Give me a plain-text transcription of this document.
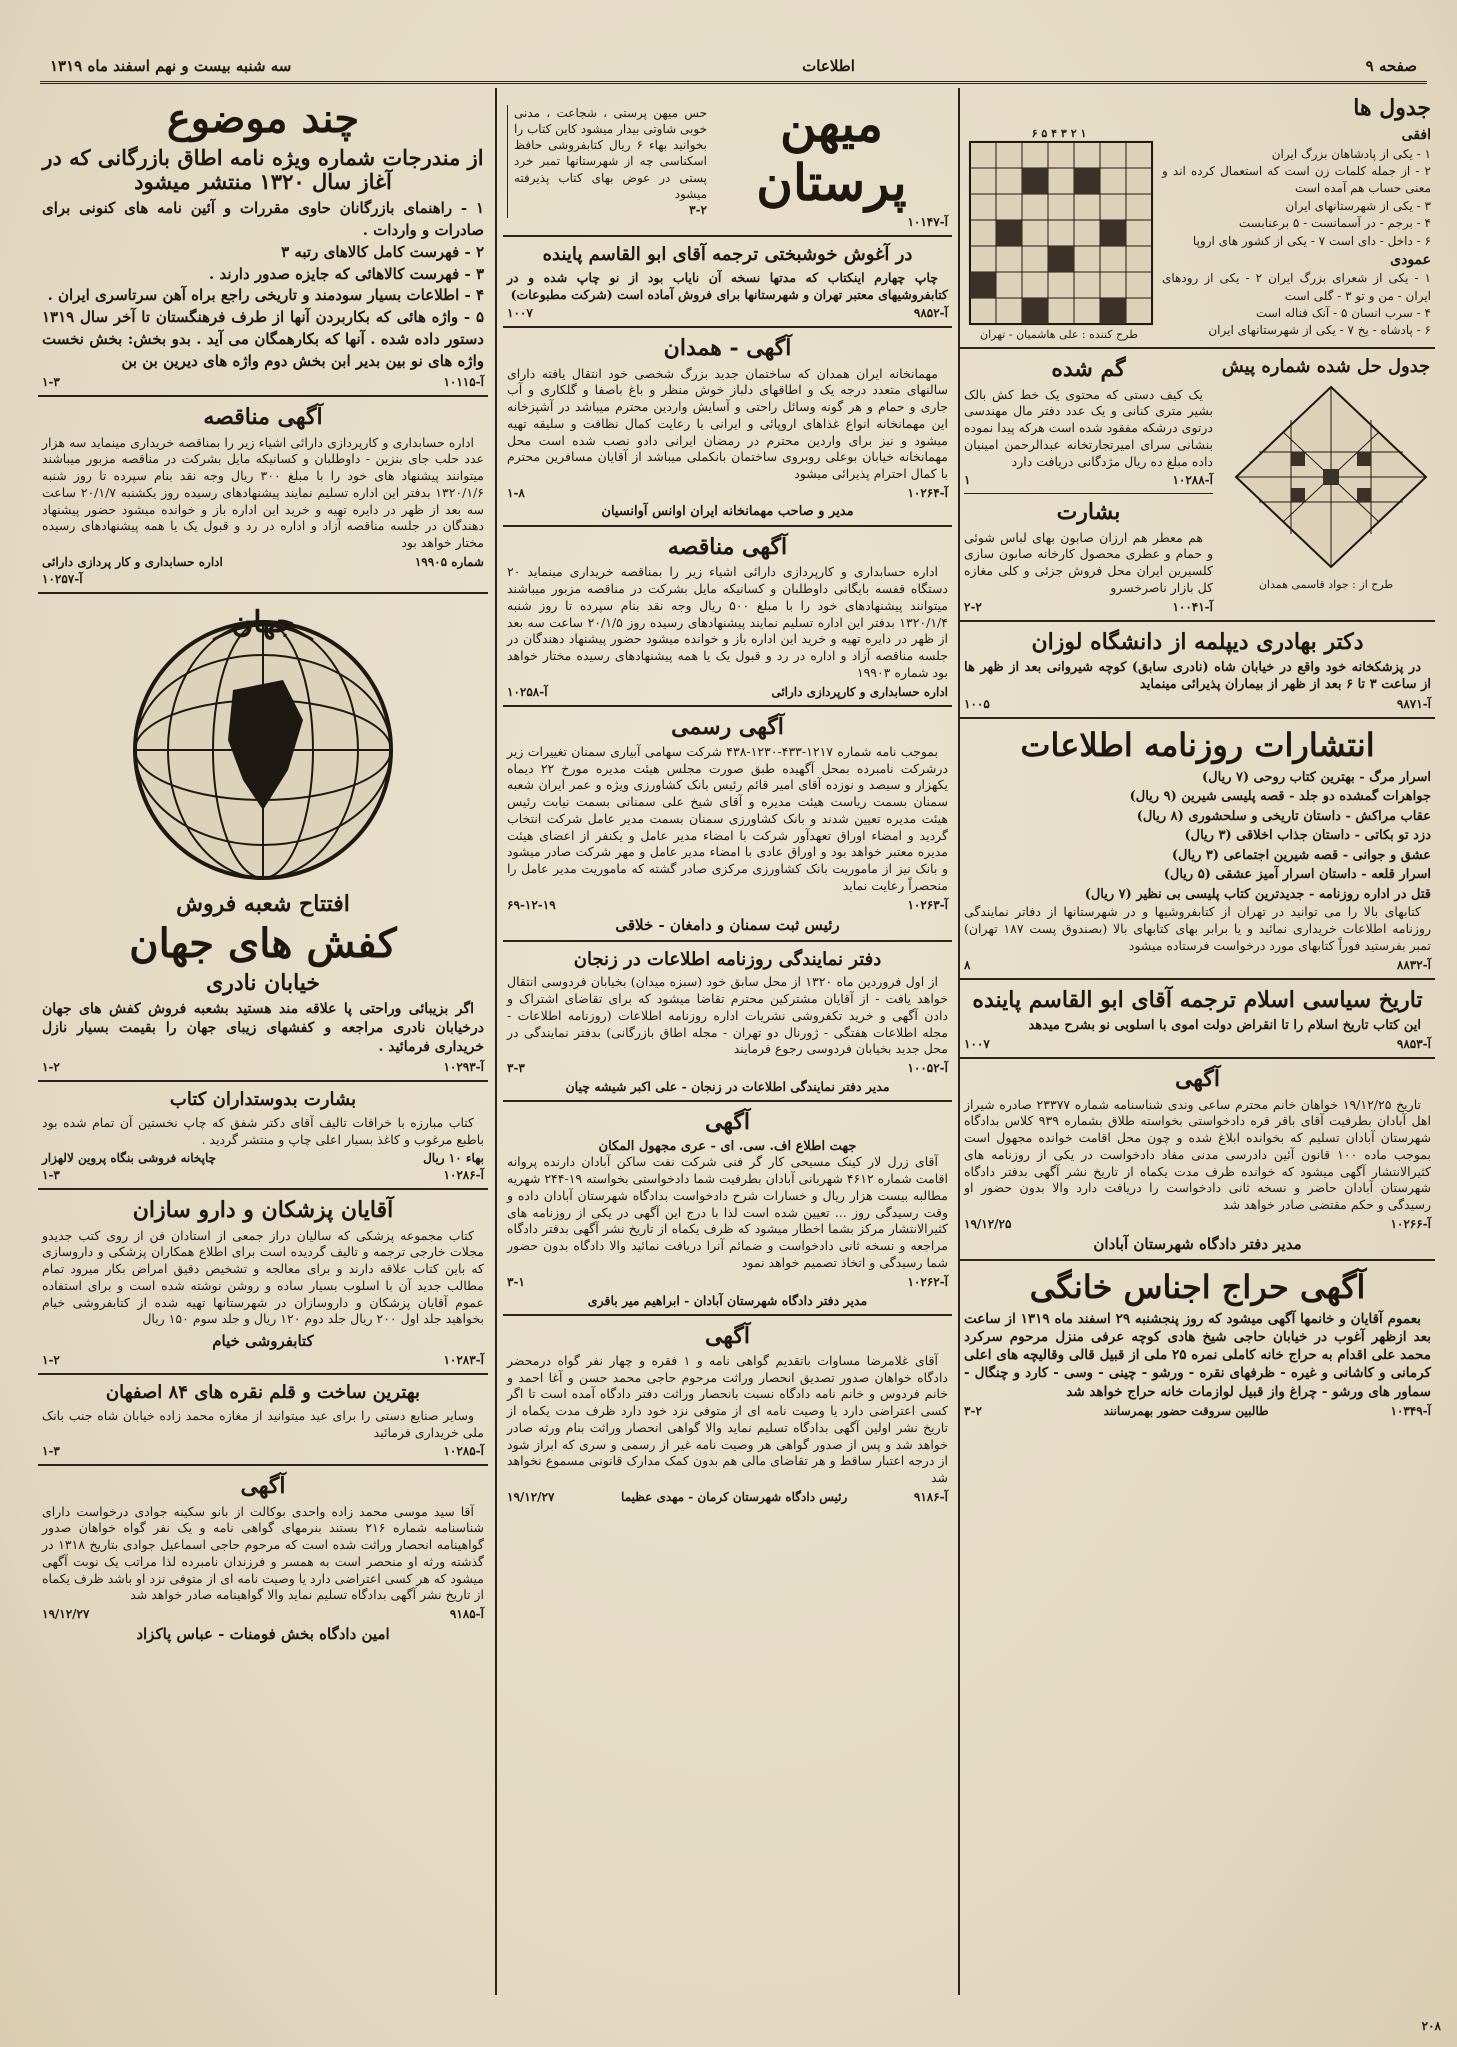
صفحه ۹
اطلاعات
سه شنبه بیست و نهم اسفند ماه ۱۳۱۹
جدول ها
افقی
۱ - یکی از پادشاهان بزرگ ایران
۲ - از جمله کلمات زن است که استعمال کرده اند و معنی حساب هم آمده است
۳ - یکی از شهرستانهای ایران
۴ - برجم - در آسمانست - ۵ برعنابست
۶ - داخل - دای است ۷ - یکی از کشور های اروپا
عمودی
۱ - یکی از شعرای بزرگ ایران ۲ - یکی از رودهای ایران - من و تو ۳ - گلی است
۴ - سرب انسان ۵ - آنک فناله است
۶ - پادشاه - یخ ۷ - یکی از شهرستانهای ایران
۱ ۲ ۳ ۴ ۵ ۶
طرح کننده : علی هاشمیان - تهران
جدول حل شده شماره پیش
طرح از : جواد قاسمی همدان
گم شده
یک کیف دستی که محتوی یک خط کش بالک بشیر متری کنانی و یک عدد دفتر مال مهندسی درتوی درشکه مفقود شده است هرکه پیدا نموده بنشانی سرای امیرتجارتخانه عبدالرحمن امینیان داده مبلغ ده ریال مژدگانی دریافت دارد
آ-۱۰۲۸۸
۱
بشارت
هم معطر هم ارزان صابون بهای لباس شوئی و حمام و عطری محصول کارخانه صابون سازی کلسیرین ایران محل فروش جزئی و کلی مغازه کل بازار ناصرخسرو
آ-۱۰۰۴۱
۲-۲
دکتر بهادری دیپلمه از دانشگاه لوزان
در پزشکخانه خود واقع در خیابان شاه (نادری سابق) کوچه شیروانی بعد از ظهر ها از ساعت ۳ تا ۶ بعد از ظهر از بیماران پذیرائی مینماید
آ-۹۸۷۱
۱۰۰۵
انتشارات روزنامه اطلاعات

اسرار مرگ - بهترین کتاب روحی (۷ ریال)

جواهرات گمشده دو جلد - قصه پلیسی شیرین (۹ ریال)

عقاب مراکش - داستان تاریخی و سلحشوری (۸ ریال)

دزد تو بکاتی - داستان جذاب اخلاقی (۳ ریال)

عشق و جوانی - قصه شیرین اجتماعی (۳ ریال)

اسرار قلعه - داستان اسرار آمیز عشقی (۵ ریال)

قتل در اداره روزنامه - جدیدترین کتاب پلیسی بی نظیر (۷ ریال)

کتابهای بالا را می توانید در تهران از کتابفروشیها و در شهرستانها از دفاتر نمایندگی روزنامه اطلاعات خریداری نمائید و یا برابر بهای کتابهای بالا (بصندوق پست ۱۸۷ تهران) تمبر بفرستید فوراً کتابهای مورد درخواست فرستاده میشود
آ-۸۸۳۲
۸
تاریخ سیاسی اسلام ترجمه آقای ابو القاسم پاینده
این کتاب تاریخ اسلام را تا انقراض دولت اموی با اسلوبی نو بشرح میدهد
آ-۹۸۵۳
۱۰۰۷
آگهی
تاریخ ۱۹/۱۲/۲۵ خواهان خانم محترم ساعی وندی شناسنامه شماره ۲۳۳۷۷ صادره شیراز اهل آبادان بطرفیت آقای باقر قره دادخواستی بخواسته طلاق بشماره ۹۳۹ کلاس بدادگاه شهرستان آبادان تسلیم که بخوانده ابلاغ شده و چون محل اقامت خوانده مجهول است بموجب ماده ۱۰۰ قانون آئین دادرسی مدنی مفاد دادخواست در یکی از روزنامه های کثیرالانتشار آگهی میشود که خوانده ظرف مدت یکماه از تاریخ نشر آگهی بدفتر دادگاه شهرستان آبادان حاضر و نسخه ثانی دادخواست را دریافت دارد والا بدون حضور او رسیدگی و حکم مقتضی صادر خواهد شد
آ-۱۰۲۶۶
۱۹/۱۲/۲۵
مدیر دفتر دادگاه شهرستان آبادان
آگهی حراج اجناس خانگی
بعموم آقایان و خانمها آگهی میشود که روز پنجشنبه ۲۹ اسفند ماه ۱۳۱۹ از ساعت بعد ازظهر آغوب در خیابان حاجی شیخ هادی کوچه عرفی منزل مرحوم سرکرد محمد علی اقدام به حراج خانه کاملی نمره ۲۵ ملی از قبیل قالی وقالیچه های اعلی کرمانی و کاشانی و غیره - ظرفهای نقره - ورشو - چینی - وسی - کارد و چنگال - سماور های ورشو - چراغ واز قبیل لوازمات خانه حراج خواهد شد
آ-۱۰۳۴۹
طالبین سروقت حضور بهمرسانند
۳-۲
میهن پرستان
آ-۱۰۱۴۷
حس میهن پرستی ، شجاعت ، مدنی خوبی شاوتی بیدار میشود کاین کتاب را بخوانید بهاء ۶ ریال کتابفروشی حافظ اسکناسی چه از شهرستانها تمبر خرد پستی در عوض بهای کتاب پذیرفته میشود
۳-۲
در آغوش خوشبختی ترجمه آقای ابو القاسم پاینده
چاپ چهارم اینکتاب که مدتها نسخه آن نایاب بود از نو چاپ شده و در کتابفروشیهای معتبر تهران و شهرستانها برای فروش آماده است (شرکت مطبوعات)
آ-۹۸۵۲
۱۰۰۷
آگهی - همدان
مهمانخانه ایران همدان که ساختمان جدید بزرگ شخصی خود انتقال یافته دارای سالنهای متعدد درجه یک و اطاقهای دلباز خوش منظر و باغ باصفا و گلکاری و آب جاری و حمام و هر گونه وسائل راحتی و آسایش واردین محترم میباشد در آشپزخانه این مهمانخانه انواع غذاهای اروپائی و ایرانی با رعایت کمال نظافت و سلیقه تهیه میشود و نیز برای واردین محترم در رمضان ایرانی دادو نصب شده است محل مهمانخانه خیابان بوعلی روبروی ساختمان بانکملی میباشد از آقایان مسافرین محترم با کمال احترام پذیرائی میشود
آ-۱۰۲۶۴
۱-۸
مدیر و صاحب مهمانخانه ایران اوانس آوانسیان
آگهی مناقصه
اداره حسابداری و کارپردازی دارائی اشیاء زیر را بمناقصه خریداری مینماید ۲۰ دستگاه قفسه بایگانی داوطلبان و کسانیکه مایل بشرکت در مناقصه مزبور میباشند میتوانند پیشنهادهای خود را با مبلغ ۵۰۰ ریال وجه نقد بنام سپرده تا روز شنبه ۱۳۲۰/۱/۴ بدفتر این اداره تسلیم نمایند پیشنهادهای رسیده روز ۲۰/۱/۵ ساعت سه بعد از ظهر در دایره تهیه و خرید این اداره باز و خوانده میشود حضور پیشنهاد دهندگان در جلسه مناقصه آزاد و اداره در رد و قبول یک یا همه پیشنهادهای رسیده مختار خواهد بود شماره ۱۹۹۰۳
اداره حسابداری و کارپردازی دارائی
آ-۱۰۲۵۸
آگهی رسمی
بموجب نامه شماره ۱۲۱۷-۴۳۳-۱۲۳۰-۴۳۸ شرکت سهامی آبیاری سمنان تغییرات زیر درشرکت نامبرده بمحل آگهیده طبق صورت مجلس هیئت مدیره مورخ ۲۲ دیماه یکهزار و سیصد و نوزده آقای امیر قائم رئیس بانک کشاورزی ویژه و عمر ایران شعبه سمنان بسمت ریاست هیئت مدیره و آقای شیخ علی سمنانی بسمت نیابت رئیس هیئت مدیره تعیین شدند و بانک کشاورزی سمنان بسمت مدیر عامل شرکت انتخاب گردید و امضاء اوراق تعهدآور شرکت با امضاء مدیر عامل و یکنفر از اعضای هیئت مدیره معتبر خواهد بود و اوراق عادی با امضاء مدیر عامل و مهر شرکت صادر میشود و بانک نیز از ماموریت بانک کشاورزی مرکزی صادر گشته که ماموریت مدیر عامل را منحصراً رعایت نماید
آ-۱۰۲۶۳
۶۹-۱۲-۱۹
رئیس ثبت سمنان و دامغان - خلاقی
دفتر نمایندگی روزنامه اطلاعات در زنجان
از اول فروردین ماه ۱۳۲۰ از محل سابق خود (سبزه میدان) بخیابان فردوسی انتقال خواهد یافت - از آقایان مشترکین محترم تقاضا میشود که برای تقاضای اشتراک و دادن آگهی و خرید تکفروشی نشریات اداره روزنامه اطلاعات (روزنامه اطلاعات - مجله اطلاعات هفتگی - ژورنال دو تهران - مجله اطاق بازرگانی) بدفتر نمایندگی در محل جدید بخیابان فردوسی رجوع فرمایند
آ-۱۰۰۵۲
۳-۳
مدیر دفتر نمایندگی اطلاعات در زنجان - علی اکبر شیشه چیان
آگهی
جهت اطلاع اف. سی. ای - عری مجهول المکان
آقای زرل لار کینک مسیحی کار گر فنی شرکت نفت ساکن آبادان دارنده پروانه اقامت شماره ۴۶۱۲ شهربانی آبادان بطرفیت شما دادخواستی بخواسته ۱۹-۲۴۴ شهریه مطالبه بیست هزار ریال و خسارات شرح دادخواست بدادگاه شهرستان آبادان داده و وقت رسیدگی روز ... تعیین شده است لذا با درج این آگهی در یکی از روزنامه های کثیرالانتشار مرکز بشما اخطار میشود که ظرف یکماه از تاریخ نشر آگهی بدفتر دادگاه مراجعه و نسخه ثانی دادخواست و ضمائم آنرا دریافت نمائید والا دادگاه بدون حضور شما رسیدگی و اتخاذ تصمیم خواهد نمود
آ-۱۰۲۶۲
۳-۱
مدیر دفتر دادگاه شهرستان آبادان - ابراهیم میر باقری
آگهی
آقای غلامرضا مساوات باتقدیم گواهی نامه و ۱ فقره و چهار نفر گواه درمحضر دادگاه خواهان صدور تصدیق انحصار وراثت مرحوم حاجی محمد حسن و آغا احمد و خانم فردوس و خانم نامه دادگاه نسبت بانحصار وراثت دفتر دادگاه آمده است تا اگر کسی اعتراضی دارد یا وصیت نامه ای از متوفی نزد خود دارد ظرف مدت یکماه از تاریخ نشر اولین آگهی بدادگاه تسلیم نماید والا گواهی انحصار وراثت بنام ورثه صادر خواهد شد و پس از صدور گواهی هر وصیت نامه غیر از رسمی و سری که ابراز شود از درجه اعتبار ساقط و هر تقاضای مالی هم بدون کمک مدارک قانونی مسموع نخواهد شد
آ-۹۱۸۶
رئیس دادگاه شهرستان کرمان - مهدی عظیما
۱۹/۱۲/۲۷
چند موضوع
از مندرجات شماره ویژه نامه اطاق بازرگانی که در آغاز سال ۱۳۲۰ منتشر میشود

۱ - راهنمای بازرگانان حاوی مقررات و آئین نامه های کنونی برای صادرات و واردات .

۲ - فهرست کامل کالاهای رتبه ۳

۳ - فهرست کالاهائی که جایزه صدور دارند .

۴ - اطلاعات بسیار سودمند و تاریخی راجع براه آهن سرتاسری ایران .

۵ - واژه هائی که بکاربردن آنها از طرف فرهنگستان تا آخر سال ۱۳۱۹ دستور داده شده . آنها که بکارهمگان می آید . بدو بخش: بخش نخست واژه های نو بین بدیر ابن بخش دوم واژه های دیرین بن بن

آ-۱۰۱۱۵
۱-۳
آگهی مناقصه
اداره حسابداری و کارپردازی دارائی اشیاء زیر را بمناقصه خریداری مینماید سه هزار عدد حلب جای بنزین - داوطلبان و کسانیکه مایل بشرکت در مناقصه مزبور میباشند میتوانند پیشنهاد های خود را با مبلغ ۳۰۰ ریال وجه نقد بنام سپرده تا روز شنبه ۱۳۲۰/۱/۶ بدفتر این اداره تسلیم نمایند پیشنهادهای رسیده روز یکشنبه ۲۰/۱/۷ ساعت سه بعد از ظهر در دایره تهیه و خرید این اداره باز و خوانده میشود حضور پیشنهاد دهندگان در جلسه مناقصه آزاد و اداره در رد و قبول یک یا همه پیشنهادهای رسیده مختار خواهد بود
شماره ۱۹۹۰۵
اداره حسابداری و کار پردازی دارائی
آ-۱۰۲۵۷
جهان
افتتاح شعبه فروش
کفش های جهان
خیابان نادری
اگر بزیبائی وراحتی پا علاقه مند هستید بشعبه فروش کفش های جهان درخیابان نادری مراجعه و کفشهای زیبای جهان را بقیمت بسیار نازل خریداری فرمائید .
آ-۱۰۲۹۳
۱-۲
بشارت بدوستداران کتاب
کتاب مبارزه با خرافات تالیف آقای دکتر شفق که چاپ نخستین آن تمام شده بود باطبع مرغوب و کاغذ بسیار اعلی چاپ و منتشر گردید .
بهاء ۱۰ ریال
چاپخانه فروشی بنگاه پروین لالهزار
آ-۱۰۲۸۶
۱-۳
آقایان پزشکان و دارو سازان
کتاب مجموعه پزشکی که سالیان دراز جمعی از استادان فن از روی کتب جدیدو مجلات خارجی ترجمه و تالیف گردیده است برای اطلاع همکاران پزشکی و داروسازی که باین کتاب علاقه دارند و برای معالجه و تشخیص دقیق امراض بکار میرود تمام مطالب جدید آن با اسلوب بسیار ساده و روشن نوشته شده است و برای استفاده عموم آقایان پزشکان و داروسازان در شهرستانها تهیه شده از کتابفروشی خیام بخواهید جلد اول ۲۰۰ ریال جلد دوم ۱۲۰ ریال و جلد سوم ۱۵۰ ریال
کتابفروشی خیام
آ-۱۰۲۸۳
۱-۲
بهترین ساخت و قلم نقره های ۸۴ اصفهان
وسایر صنایع دستی را برای عید میتوانید از مغازه محمد زاده خیابان شاه جنب بانک ملی خریداری فرمائید
آ-۱۰۲۸۵
۱-۳
آگهی
آقا سید موسی محمد زاده واحدی بوکالت از بانو سکینه جوادی درخواست دارای شناسنامه شماره ۲۱۶ بستند بنرمهای گواهی نامه و یک نفر گواه خواهان صدور گواهینامه انحصار وراثت شده است که مرحوم حاجی اسماعیل جوادی بتاریخ ۱۳۱۸ در گذشته ورثه او منحصر است به همسر و فرزندان نامبرده لذا مراتب یک نوبت آگهی میشود که هر کسی اعتراضی دارد یا وصیت نامه ای از متوفی نزد او باشد ظرف یکماه از تاریخ نشر آگهی بدادگاه تسلیم نماید والا گواهینامه صادر خواهد شد
آ-۹۱۸۵
۱۹/۱۲/۲۷
امین دادگاه بخش فومنات - عباس پاکزاد
۲۰۸
